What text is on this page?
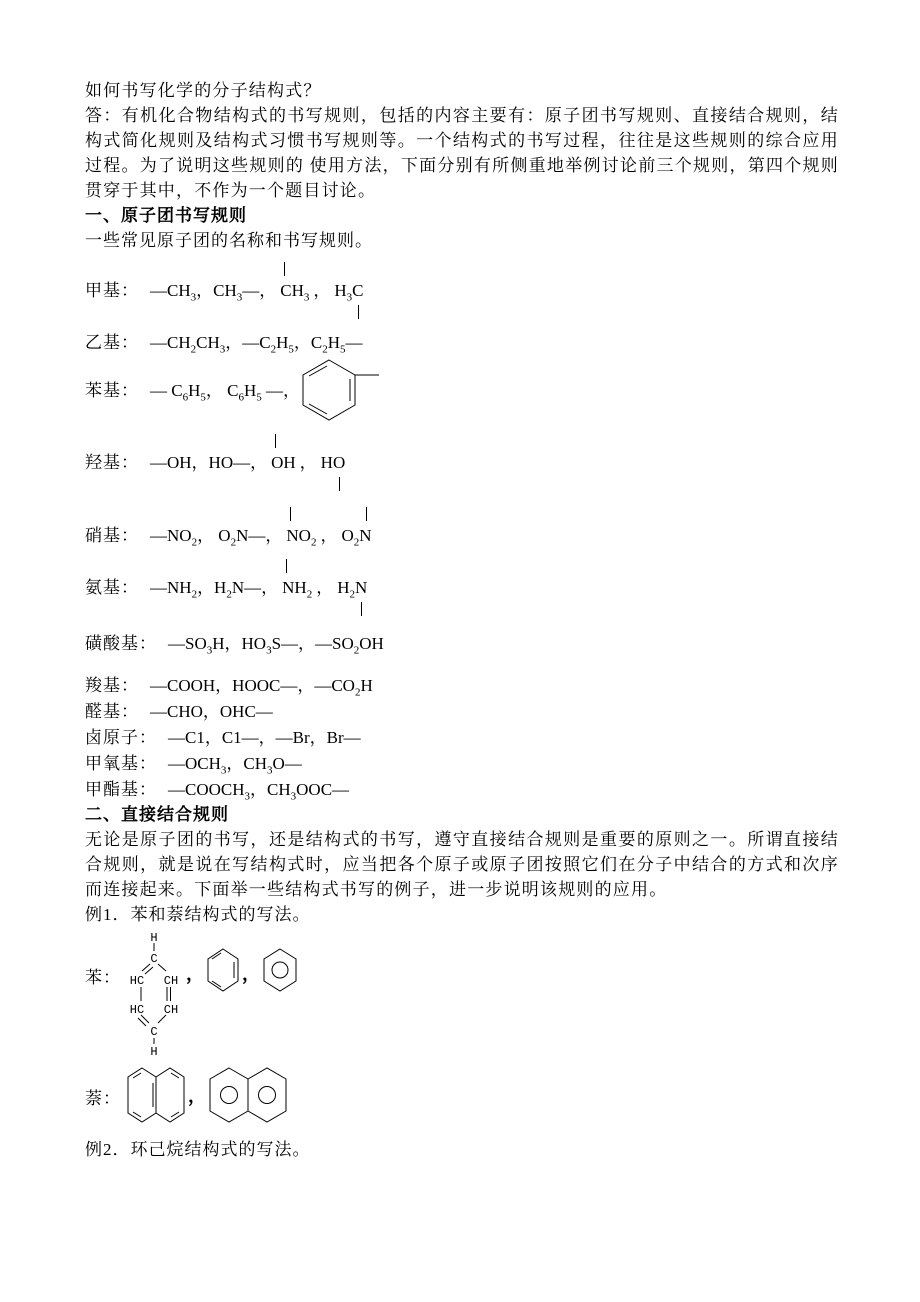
如何书写化学的分子结构式？
答：有机化合物结构式的书写规则，包括的内容主要有：原子团书写规则、直接结合规则，结构式简化规则及结构式习惯书写规则等。一个结构式的书写过程，往往是这些规则的综合应用过程。为了说明这些规则的 使用方法，下面分别有所侧重地举例讨论前三个规则，第四个规则贯穿于其中，不作为一个题目讨论。
一、原子团书写规则
一些常见原子团的名称和书写规则。
甲基： $—CH_3$，$CH_3—$， $CH_3$ ， $H_3C$
乙基： $—CH_2CH_3$，$—C_2H_5$，$C_2H_5—$
苯基： — $C_6H_5$， $C_6H_5$ —，
羟基： —OH，HO—， OH ， HO
硝基： $—NO_2$， $O_2N—$， $NO_2$ ， $O_2N$
氨基： $—NH_2$，$H_2N—$， $NH_2$ ， $H_2N$
磺酸基： $—SO_3H$，$HO_3S—$，$—SO_2OH$
羧基： —COOH，HOOC—，$—CO_2H$
醛基： —CHO，OHC—
卤原子： —C1，C1—，—Br，Br—
甲氧基： $—OCH_3$，$CH_3O—$
甲酯基： $—COOCH_3$，$CH_3OOC—$
二、直接结合规则
无论是原子团的书写，还是结构式的书写，遵守直接结合规则是重要的原则之一。所谓直接结合规则，就是说在写结构式时，应当把各个原子或原子团按照它们在分子中结合的方式和次序而连接起来。下面举一些结构式书写的例子，进一步说明该规则的应用。
例1．苯和萘结构式的写法。
苯：
H
C
HC CH
HC CH
C
H
， ，
萘：	，
例2．环己烷结构式的写法。
